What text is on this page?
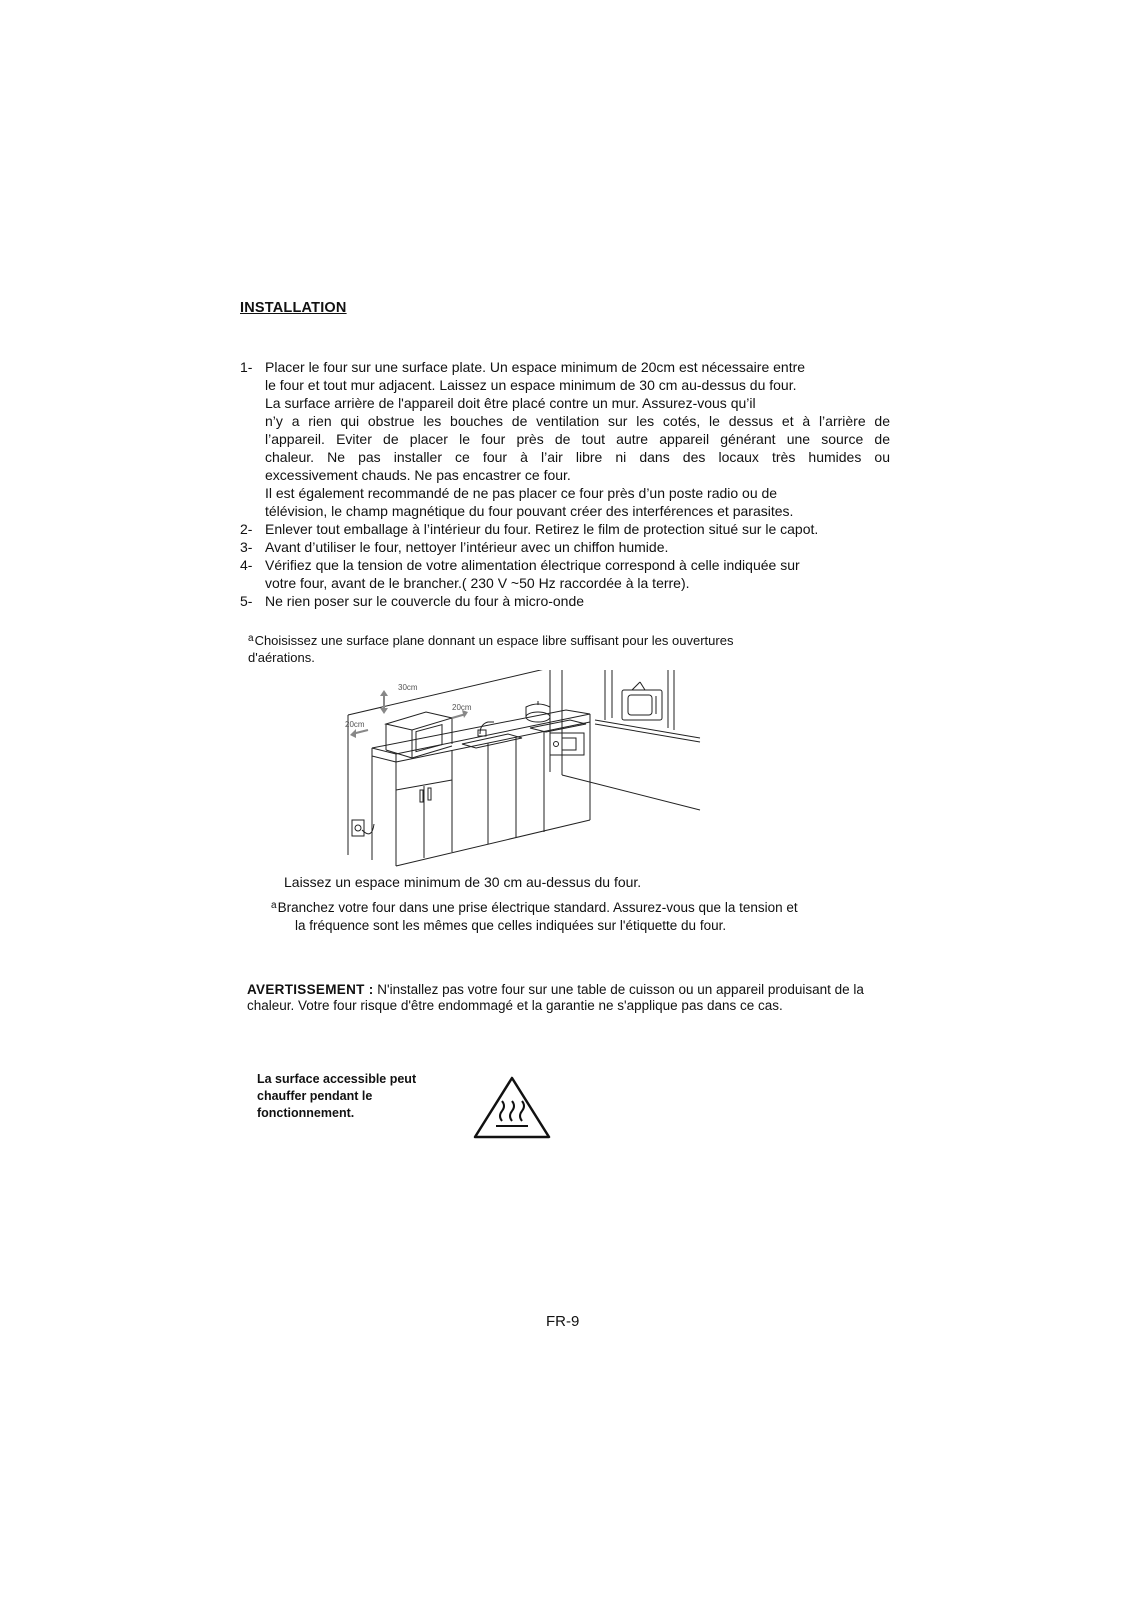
INSTALLATION
1- Placer le four sur une surface plate. Un espace minimum de 20cm est nécessaire entre
le four et tout mur adjacent. Laissez un espace minimum de 30 cm au-dessus du four.
La surface arrière de l'appareil doit être placé contre un mur. Assurez-vous qu’il
n’y a rien qui obstrue les bouches de ventilation sur les cotés, le dessus et à l’arrière de
l’appareil. Eviter de placer le four près de tout autre appareil générant une source de
chaleur. Ne pas installer ce four à l’air libre ni dans des locaux très humides ou
excessivement chauds. Ne pas encastrer ce four.
Il est également recommandé de ne pas placer ce four près d’un poste radio ou de
télévision, le champ magnétique du four pouvant créer des interférences et parasites.
2- Enlever tout emballage à l’intérieur du four. Retirez le film de protection situé sur le capot.
3- Avant d’utiliser le four, nettoyer l’intérieur avec un chiffon humide.
4- Vérifiez que la tension de votre alimentation électrique correspond à celle indiquée sur
votre four, avant de le brancher.( 230 V ~50 Hz raccordée à la terre).
5- Ne rien poser sur le couvercle du four à micro-onde
$^a$Choisissez une surface plane donnant un espace libre suffisant pour les ouvertures
d'aérations.
30cm
20cm
20cm
Laissez un espace minimum de 30 cm au-dessus du four.
$^a$Branchez votre four dans une prise électrique standard. Assurez-vous que la tension et
la fréquence sont les mêmes que celles indiquées sur l'étiquette du four.
AVERTISSEMENT : N'installez pas votre four sur une table de cuisson ou un appareil produisant de la chaleur. Votre four risque d'être endommagé et la garantie ne s'applique pas dans ce cas.
La surface accessible peut
chauffer pendant le
fonctionnement.
FR-9
